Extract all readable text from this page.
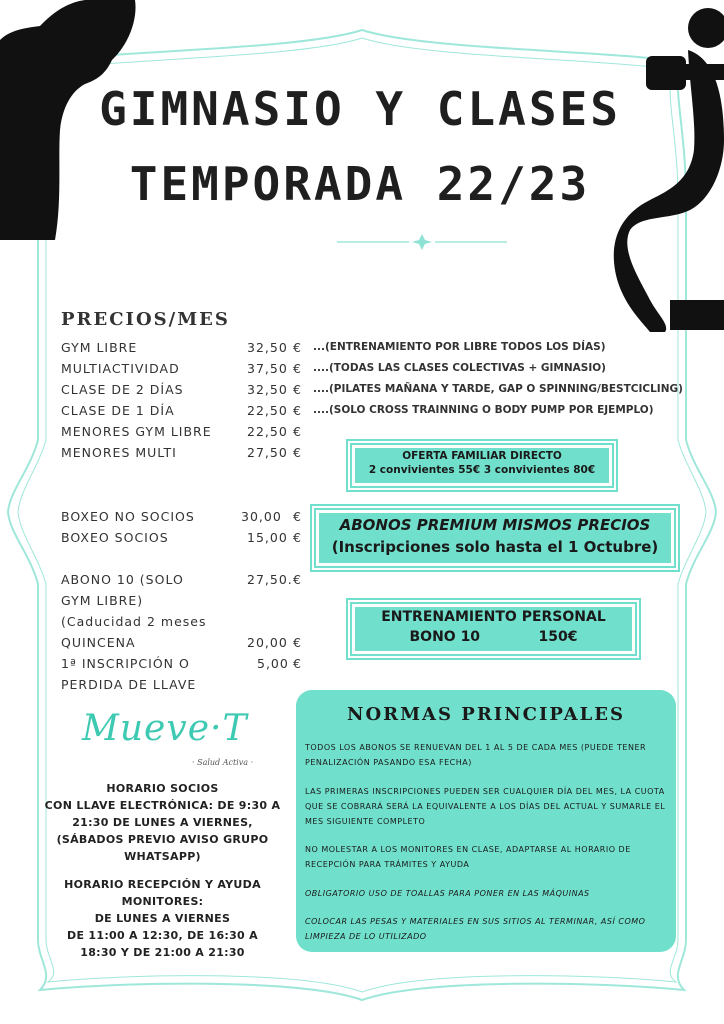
GIMNASIO Y CLASES
TEMPORADA 22/23
PRECIOS/MES
GYM LIBRE	32,50 € ...(ENTRENAMIENTO POR LIBRE TODOS LOS DÍAS)
MULTIACTIVIDAD	37,50 € ....(TODAS LAS CLASES COLECTIVAS + GIMNASIO)
CLASE DE 2 DÍAS	32,50 € ....(PILATES MAÑANA Y TARDE, GAP O SPINNING/BESTCICLING)
CLASE DE 1 DÍA	22,50 € ....(SOLO CROSS TRAINNING O BODY PUMP POR EJEMPLO)
MENORES GYM LIBRE	22,50 €
MENORES MULTI	27,50 €
BOXEO NO SOCIOS	30,00 €
BOXEO SOCIOS	15,00 €
ABONO 10 (SOLO	27,50. €
GYM LIBRE)
(Caducidad 2 meses
QUINCENA	20,00 €
1ª INSCRIPCIÓN O	5,00 €
PERDIDA DE LLAVE
OFERTA FAMILIAR DIRECTO
2 convivientes 55€ 3 convivientes 80€
ABONOS PREMIUM MISMOS PRECIOS
(Inscripciones solo hasta el 1 Octubre)
ENTRENAMIENTO PERSONAL
BONO 10            150€
NORMAS PRINCIPALES
TODOS LOS ABONOS SE RENUEVAN DEL 1 AL 5 DE CADA MES (PUEDE TENER PENALIZACIÓN PASANDO ESA FECHA)
LAS PRIMERAS INSCRIPCIONES PUEDEN SER CUALQUIER DÍA DEL MES, LA CUOTA QUE SE COBRARÁ SERÁ LA EQUIVALENTE A LOS DÍAS DEL ACTUAL Y SUMARLE EL MES SIGUIENTE COMPLETO
NO MOLESTAR A LOS MONITORES EN CLASE, ADAPTARSE AL HORARIO DE RECEPCIÓN PARA TRÁMITES Y AYUDA
OBLIGATORIO USO DE TOALLAS PARA PONER EN LAS MÁQUINAS
COLOCAR LAS PESAS Y MATERIALES EN SUS SITIOS AL TERMINAR, ASÍ COMO LIMPIEZA DE LO UTILIZADO
Mueve·T
· Salud Activa ·
HORARIO SOCIOS
CON LLAVE ELECTRÓNICA: DE 9:30 A
21:30 DE LUNES A VIERNES,
(SÁBADOS PREVIO AVISO GRUPO
WHATSAPP)
HORARIO RECEPCIÓN Y AYUDA
MONITORES:
DE LUNES A VIERNES
DE 11:00 A 12:30, DE 16:30 A
18:30 Y DE 21:00 A 21:30
